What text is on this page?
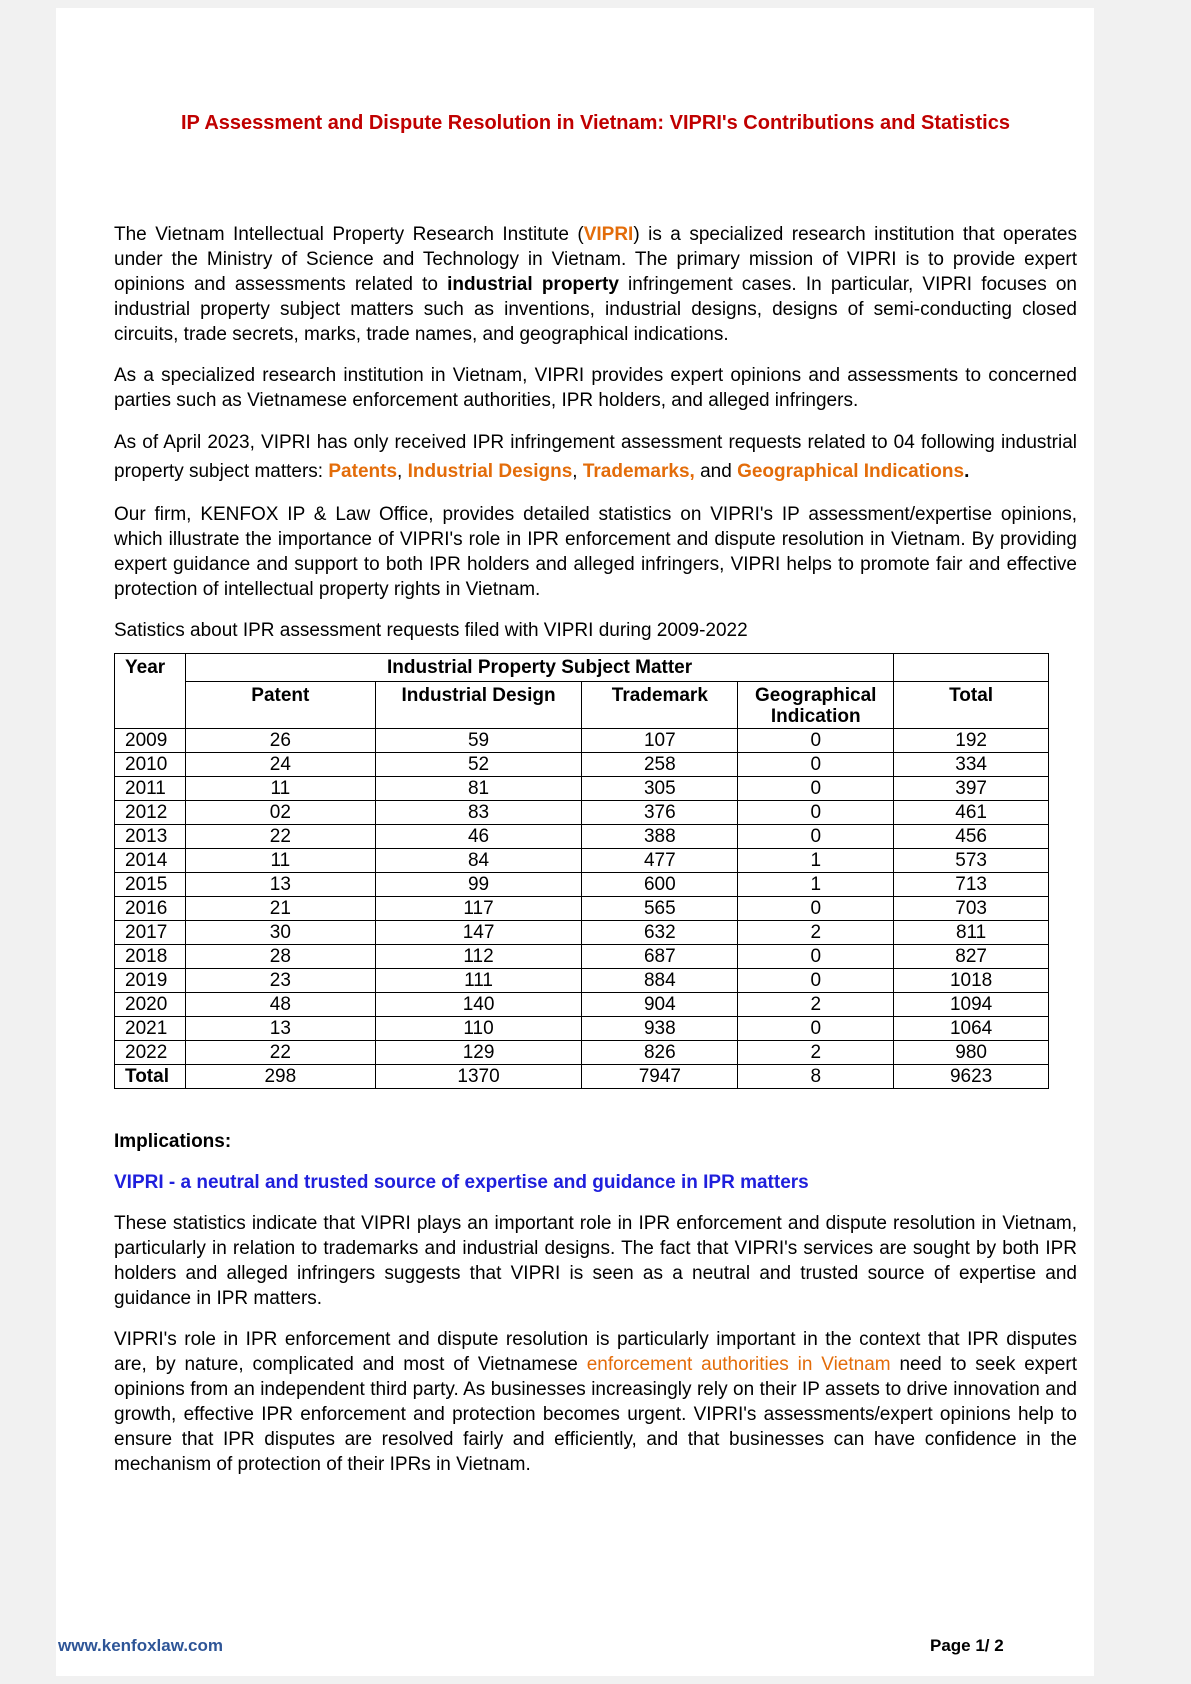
IP Assessment and Dispute Resolution in Vietnam: VIPRI's Contributions and Statistics

The Vietnam Intellectual Property Research Institute (VIPRI) is a specialized research institution that operates under the Ministry of Science and Technology in Vietnam. The primary mission of VIPRI is to provide expert opinions and assessments related to industrial property infringement cases. In particular, VIPRI focuses on industrial property subject matters such as inventions, industrial designs, designs of semi-conducting closed circuits, trade secrets, marks, trade names, and geographical indications.

As a specialized research institution in Vietnam, VIPRI provides expert opinions and assessments to concerned parties such as Vietnamese enforcement authorities, IPR holders, and alleged infringers.

As of April 2023, VIPRI has only received IPR infringement assessment requests related to 04 following industrial property subject matters: Patents, Industrial Designs, Trademarks, and Geographical Indications.

Our firm, KENFOX IP & Law Office, provides detailed statistics on VIPRI's IP assessment/expertise opinions, which illustrate the importance of VIPRI's role in IPR enforcement and dispute resolution in Vietnam. By providing expert guidance and support to both IPR holders and alleged infringers, VIPRI helps to promote fair and effective protection of intellectual property rights in Vietnam.

Satistics about IPR assessment requests filed with VIPRI during 2009-2022

Year	Industrial Property Subject Matter				
	Patent	Industrial Design	Trademark	Geographical Indication	Total
2009	26	59	107	0	192
2010	24	52	258	0	334
2011	11	81	305	0	397
2012	02	83	376	0	461
2013	22	46	388	0	456
2014	11	84	477	1	573
2015	13	99	600	1	713
2016	21	117	565	0	703
2017	30	147	632	2	811
2018	28	112	687	0	827
2019	23	111	884	0	1018
2020	48	140	904	2	1094
2021	13	110	938	0	1064
2022	22	129	826	2	980
Total	298	1370	7947	8	9623

Implications:

VIPRI - a neutral and trusted source of expertise and guidance in IPR matters

These statistics indicate that VIPRI plays an important role in IPR enforcement and dispute resolution in Vietnam, particularly in relation to trademarks and industrial designs. The fact that VIPRI's services are sought by both IPR holders and alleged infringers suggests that VIPRI is seen as a neutral and trusted source of expertise and guidance in IPR matters.

VIPRI's role in IPR enforcement and dispute resolution is particularly important in the context that IPR disputes are, by nature, complicated and most of Vietnamese enforcement authorities in Vietnam need to seek expert opinions from an independent third party. As businesses increasingly rely on their IP assets to drive innovation and growth, effective IPR enforcement and protection becomes urgent. VIPRI's assessments/expert opinions help to ensure that IPR disputes are resolved fairly and efficiently, and that businesses can have confidence in the mechanism of protection of their IPRs in Vietnam.

www.kenfoxlaw.com	Page 1/ 2
